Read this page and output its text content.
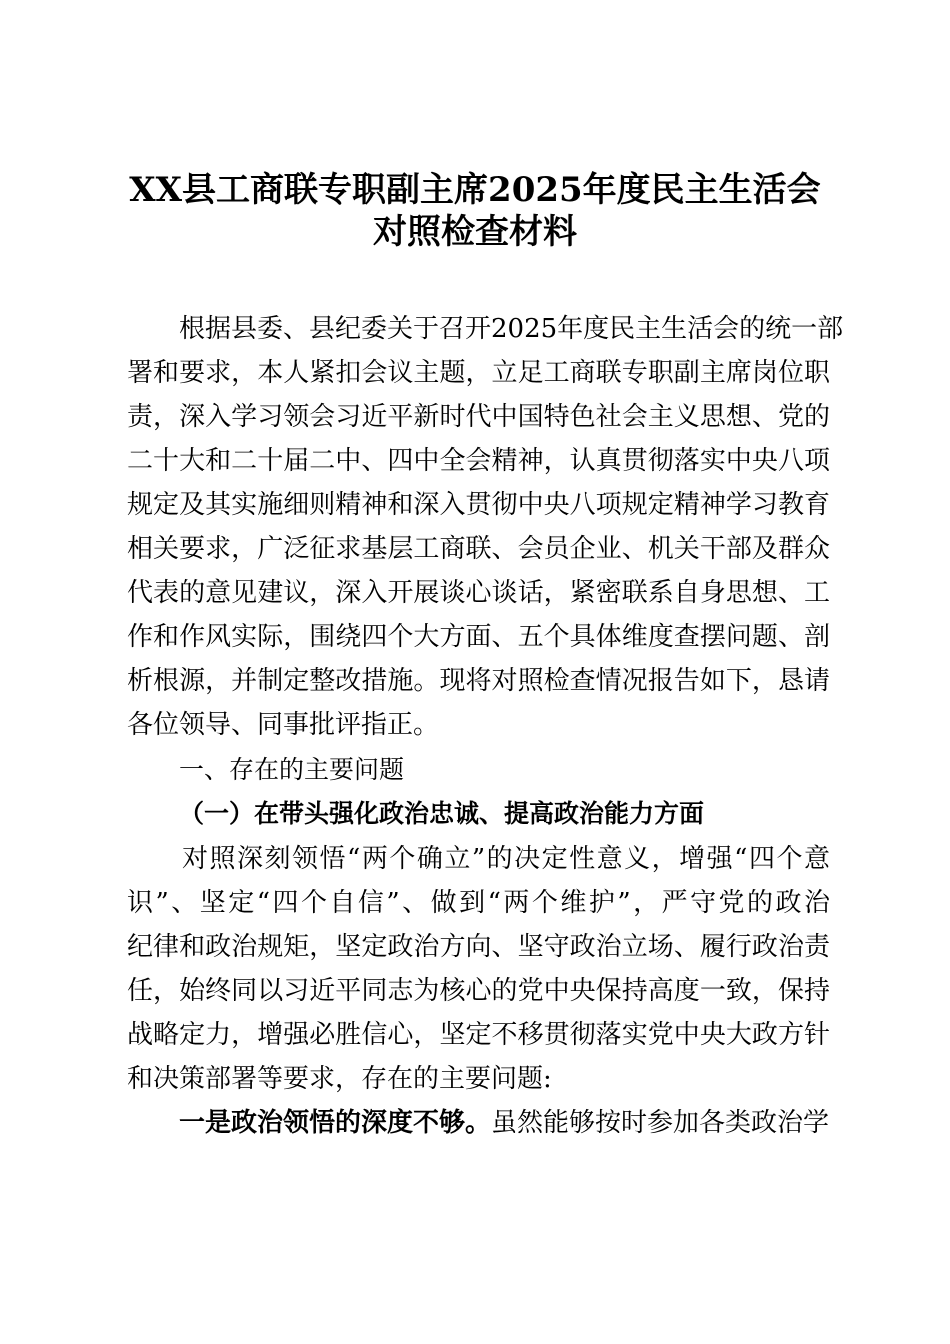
XX县工商联专职副主席2025年度民主生活会
对照检查材料
　　根据县委、县纪委关于召开2025年度民主生活会的统一部
署和要求，本人紧扣会议主题，立足工商联专职副主席岗位职
责，深入学习领会习近平新时代中国特色社会主义思想、党的
二十大和二十届二中、四中全会精神，认真贯彻落实中央八项
规定及其实施细则精神和深入贯彻中央八项规定精神学习教育
相关要求，广泛征求基层工商联、会员企业、机关干部及群众
代表的意见建议，深入开展谈心谈话，紧密联系自身思想、工
作和作风实际，围绕四个大方面、五个具体维度查摆问题、剖
析根源，并制定整改措施。现将对照检查情况报告如下，恳请
各位领导、同事批评指正。
一、存在的主要问题
（一）在带头强化政治忠诚、提高政治能力方面
　　对照深刻领悟“两个确立”的决定性意义，增强“四个意
识”、坚定“四个自信”、做到“两个维护”，严守党的政治
纪律和政治规矩，坚定政治方向、坚守政治立场、履行政治责
任，始终同以习近平同志为核心的党中央保持高度一致，保持
战略定力，增强必胜信心，坚定不移贯彻落实党中央大政方针
和决策部署等要求，存在的主要问题:
一是政治领悟的深度不够。虽然能够按时参加各类政治学
